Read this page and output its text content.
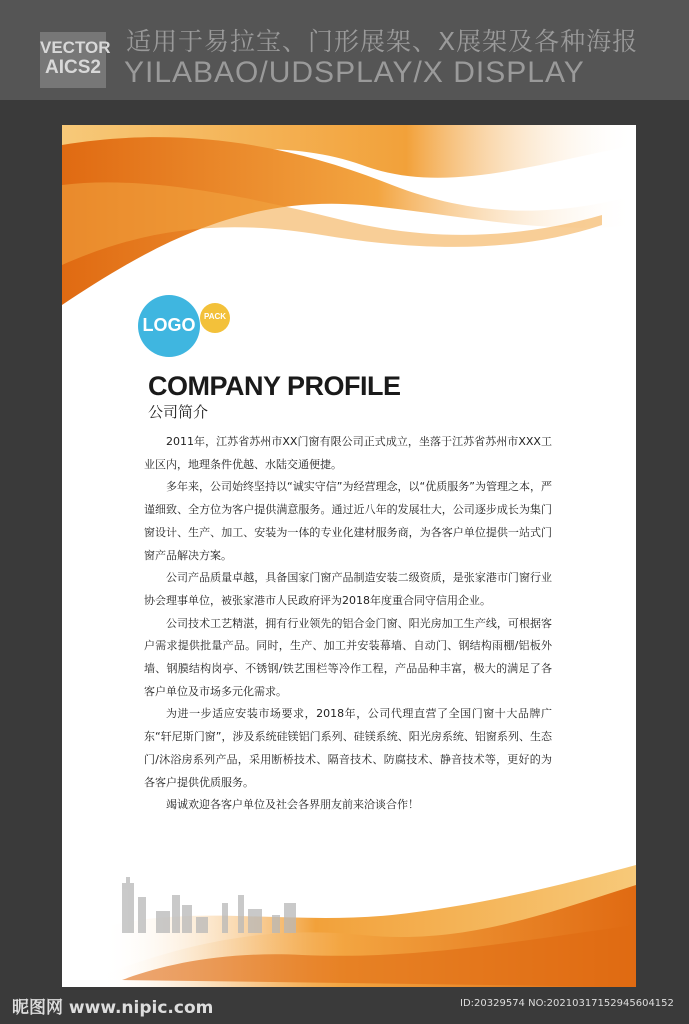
VECTOR
AICS2
适用于易拉宝、门形展架、X展架及各种海报
YILABAO/UDSPLAY/X DISPLAY
LOGO	PACK
COMPANY PROFILE
公司简介

2011年，江苏省苏州市XX门窗有限公司正式成立，坐落于江苏省苏州市XXX工业区内，地理条件优越、水陆交通便捷。

多年来，公司始终坚持以“诚实守信”为经营理念，以“优质服务”为管理之本，严谨细致、全方位为客户提供满意服务。通过近八年的发展壮大，公司逐步成长为集门窗设计、生产、加工、安装为一体的专业化建材服务商，为各客户单位提供一站式门窗产品解决方案。

公司产品质量卓越，具备国家门窗产品制造安装二级资质，是张家港市门窗行业协会理事单位，被张家港市人民政府评为2018年度重合同守信用企业。

公司技术工艺精湛，拥有行业领先的铝合金门窗、阳光房加工生产线，可根据客户需求提供批量产品。同时，生产、加工并安装幕墙、自动门、钢结构雨棚/铝板外墙、钢膜结构岗亭、不锈钢/铁艺围栏等冷作工程，产品品种丰富，极大的满足了各客户单位及市场多元化需求。

为进一步适应安装市场要求，2018年，公司代理直营了全国门窗十大品牌广东“轩尼斯门窗”，涉及系统硅镁铝门系列、硅镁系统、阳光房系统、铝窗系列、生态门/沐浴房系列产品，采用断桥技术、隔音技术、防腐技术、静音技术等，更好的为各客户提供优质服务。

竭诚欢迎各客户单位及社会各界朋友前来洽谈合作！

昵图网 www.nipic.com	ID:20329574 NO:20210317152945604152
